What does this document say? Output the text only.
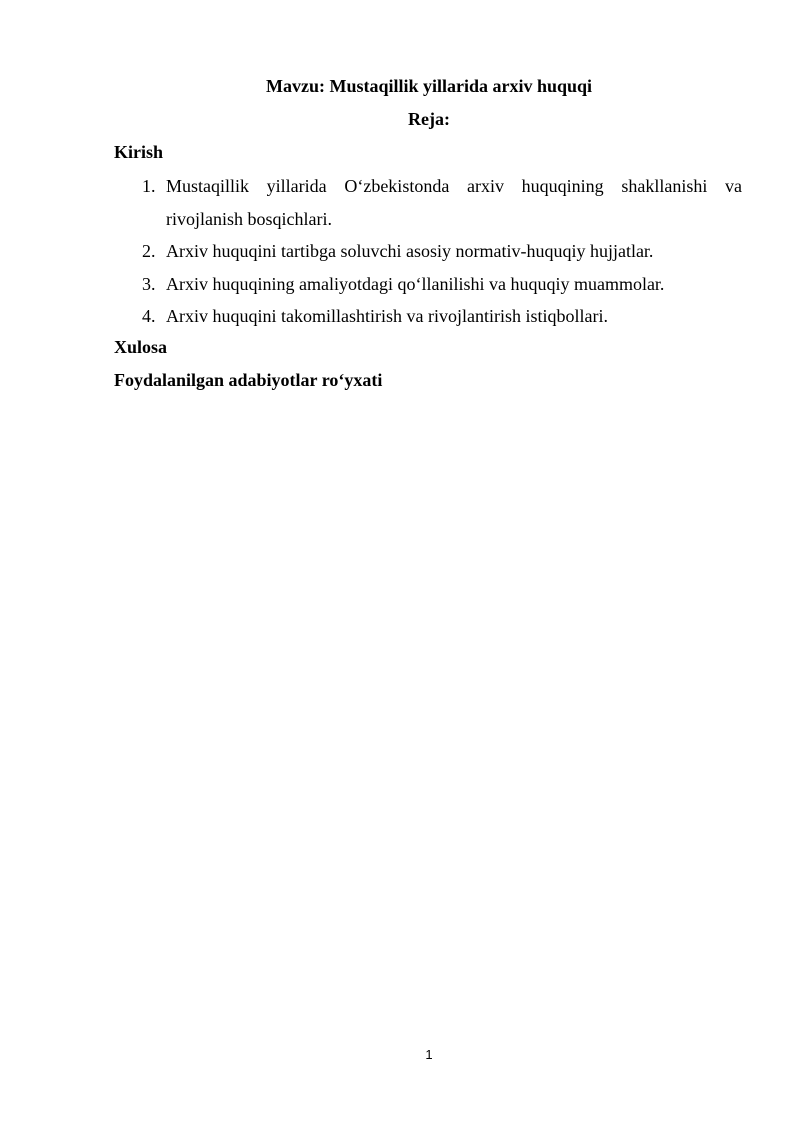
Mavzu: Mustaqillik yillarida arxiv huquqi
Reja:
Kirish
1. Mustaqillik yillarida O‘zbekistonda arxiv huquqining shakllanishi va rivojlanish bosqichlari.
2. Arxiv huquqini tartibga soluvchi asosiy normativ-huquqiy hujjatlar.
3. Arxiv huquqining amaliyotdagi qo‘llanilishi va huquqiy muammolar.
4. Arxiv huquqini takomillashtirish va rivojlantirish istiqbollari.
Xulosa
Foydalanilgan adabiyotlar ro‘yxati
1
